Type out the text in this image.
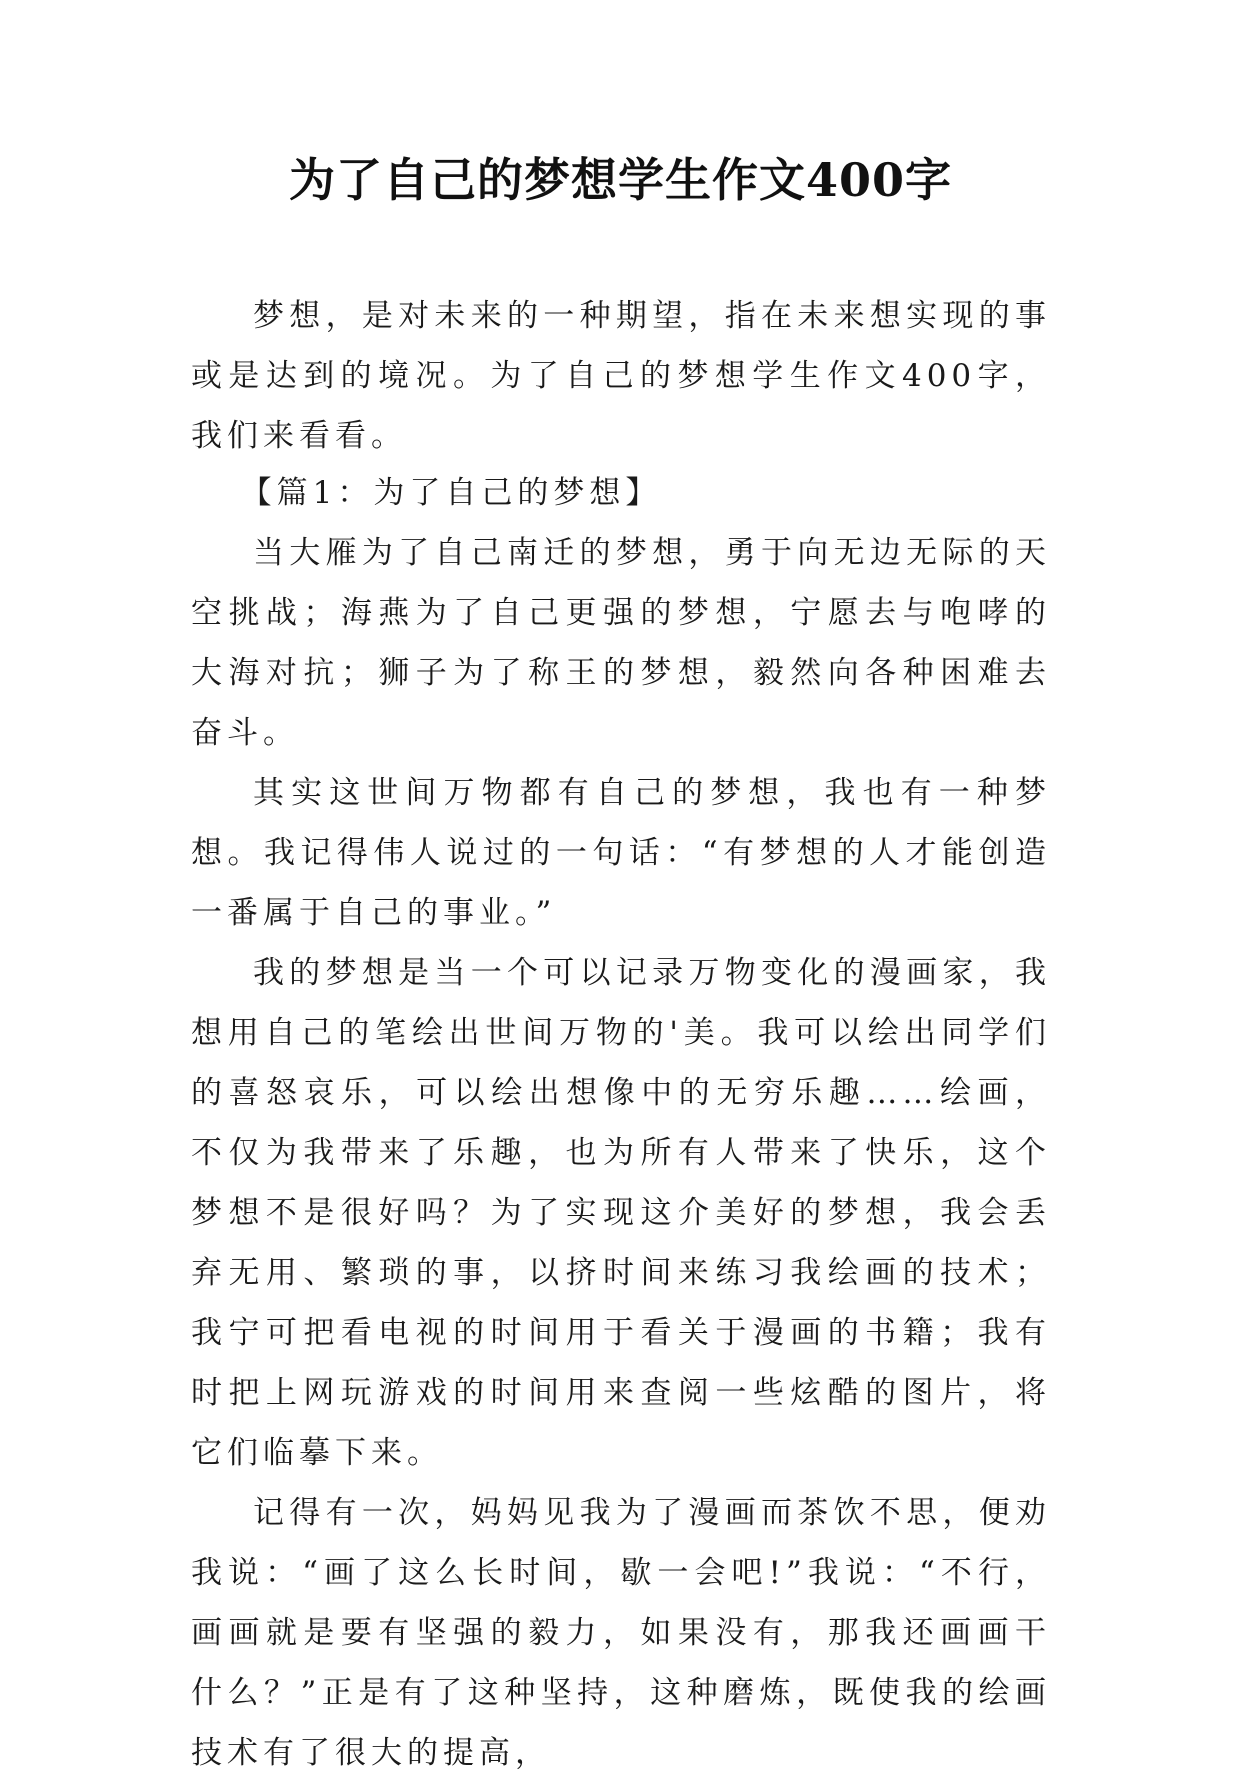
为了自己的梦想学生作文400字

梦想，是对未来的一种期望，指在未来想实现的事或是达到的境况。为了自己的梦想学生作文400字，我们来看看。

【篇1：为了自己的梦想】

当大雁为了自己南迁的梦想，勇于向无边无际的天空挑战；海燕为了自己更强的梦想，宁愿去与咆哮的大海对抗；狮子为了称王的梦想，毅然向各种困难去奋斗。

其实这世间万物都有自己的梦想，我也有一种梦想。我记得伟人说过的一句话：“有梦想的人才能创造一番属于自己的事业。”

我的梦想是当一个可以记录万物变化的漫画家，我想用自己的笔绘出世间万物的'美。我可以绘出同学们的喜怒哀乐，可以绘出想像中的无穷乐趣……绘画，不仅为我带来了乐趣，也为所有人带来了快乐，这个梦想不是很好吗？为了实现这介美好的梦想，我会丢弃无用、繁琐的事，以挤时间来练习我绘画的技术；我宁可把看电视的时间用于看关于漫画的书籍；我有时把上网玩游戏的时间用来查阅一些炫酷的图片，将它们临摹下来。

记得有一次，妈妈见我为了漫画而茶饮不思，便劝我说：“画了这么长时间，歇一会吧!”我说：“不行，画画就是要有坚强的毅力，如果没有，那我还画画干什么？”正是有了这种坚持，这种磨炼，既使我的绘画技术有了很大的提高，
